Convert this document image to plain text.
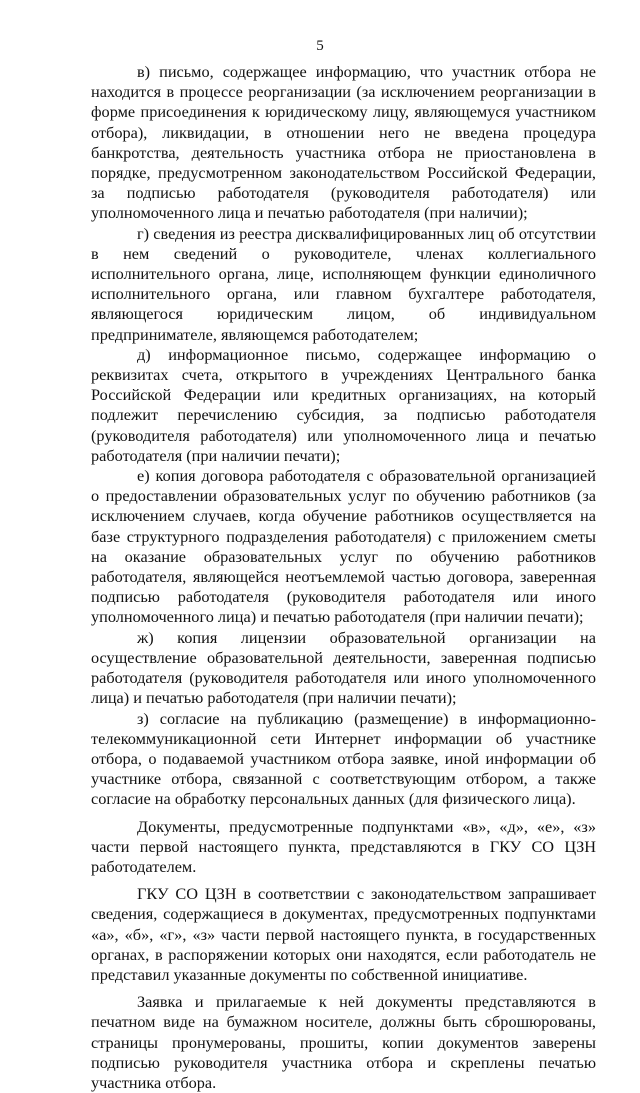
5

в) письмо, содержащее информацию, что участник отбора не находится в процессе реорганизации (за исключением реорганизации в форме присоединения к юридическому лицу, являющемуся участником отбора), ликвидации, в отношении него не введена процедура банкротства, деятельность участника отбора не приостановлена в порядке, предусмотренном законодательством Российской Федерации, за подписью работодателя (руководителя работодателя) или уполномоченного лица и печатью работодателя (при наличии);

г) сведения из реестра дисквалифицированных лиц об отсутствии в нем сведений о руководителе, членах коллегиального исполнительного органа, лице, исполняющем функции единоличного исполнительного органа, или главном бухгалтере работодателя, являющегося юридическим лицом, об индивидуальном предпринимателе, являющемся работодателем;

д) информационное письмо, содержащее информацию о реквизитах счета, открытого в учреждениях Центрального банка Российской Федерации или кредитных организациях, на который подлежит перечислению субсидия, за подписью работодателя (руководителя работодателя) или уполномоченного лица и печатью работодателя (при наличии печати);

е) копия договора работодателя с образовательной организацией о предоставлении образовательных услуг по обучению работников (за исключением случаев, когда обучение работников осуществляется на базе структурного подразделения работодателя) с приложением сметы на оказание образовательных услуг по обучению работников работодателя, являющейся неотъемлемой частью договора, заверенная подписью работодателя (руководителя работодателя или иного уполномоченного лица) и печатью работодателя (при наличии печати);

ж) копия лицензии образовательной организации на осуществление образовательной деятельности, заверенная подписью работодателя (руководителя работодателя или иного уполномоченного лица) и печатью работодателя (при наличии печати);

з) согласие на публикацию (размещение) в информационно-телекоммуникационной сети Интернет информации об участнике отбора, о подаваемой участником отбора заявке, иной информации об участнике отбора, связанной с соответствующим отбором, а также согласие на обработку персональных данных (для физического лица).

Документы, предусмотренные подпунктами «в», «д», «е», «з» части первой настоящего пункта, представляются в ГКУ СО ЦЗН работодателем.

ГКУ СО ЦЗН в соответствии с законодательством запрашивает сведения, содержащиеся в документах, предусмотренных подпунктами «а», «б», «г», «з» части первой настоящего пункта, в государственных органах, в распоряжении которых они находятся, если работодатель не представил указанные документы по собственной инициативе.

Заявка и прилагаемые к ней документы представляются в печатном виде на бумажном носителе, должны быть сброшюрованы, страницы пронумерованы, прошиты, копии документов заверены подписью руководителя участника отбора и скреплены печатью участника отбора.
